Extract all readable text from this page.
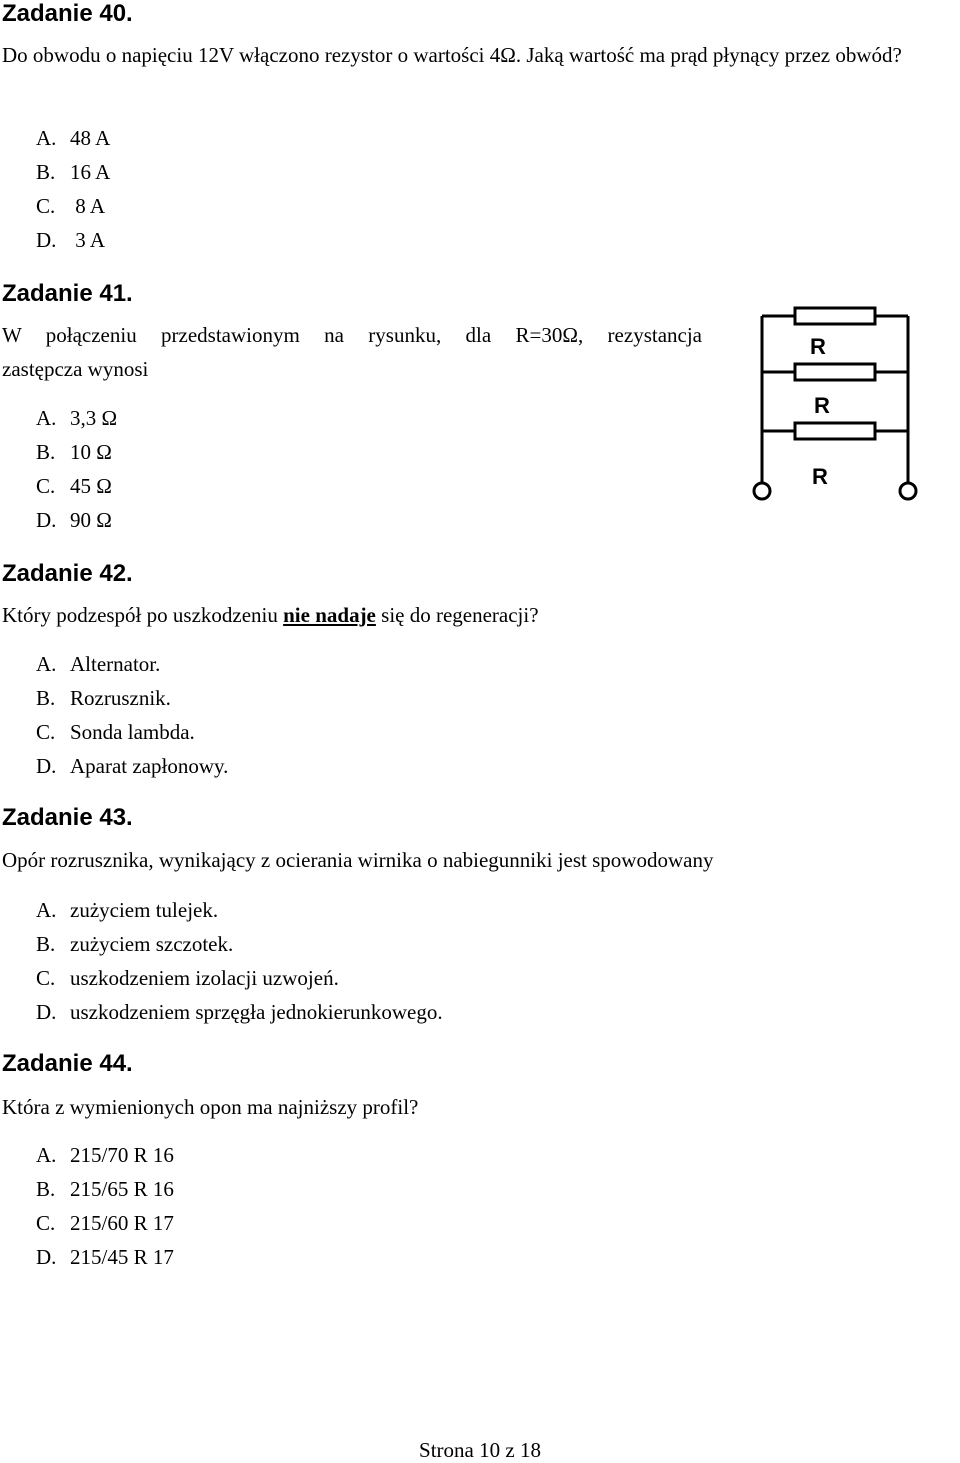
Zadanie 40.

Do obwodu o napięciu 12V włączono rezystor o wartości 4Ω. Jaką wartość ma prąd płynący przez obwód?

A. 48 A
B. 16 A
C. 8 A
D. 3 A
Zadanie 41.

W połączeniu przedstawionym na rysunku, dla R=30Ω, rezystancja

zastępcza wynosi

A. 3,3 Ω
B. 10 Ω
C. 45 Ω
D. 90 Ω
R
R
R
Zadanie 42.

Który podzespół po uszkodzeniu nie nadaje się do regeneracji?

A. Alternator.
B. Rozrusznik.
C. Sonda lambda.
D. Aparat zapłonowy.
Zadanie 43.

Opór rozrusznika, wynikający z ocierania wirnika o nabiegunniki jest spowodowany

A. zużyciem tulejek.
B. zużyciem szczotek.
C. uszkodzeniem izolacji uzwojeń.
D. uszkodzeniem sprzęgła jednokierunkowego.
Zadanie 44.

Która z wymienionych opon ma najniższy profil?

A. 215/70 R 16
B. 215/65 R 16
C. 215/60 R 17
D. 215/45 R 17

Strona 10 z 18
